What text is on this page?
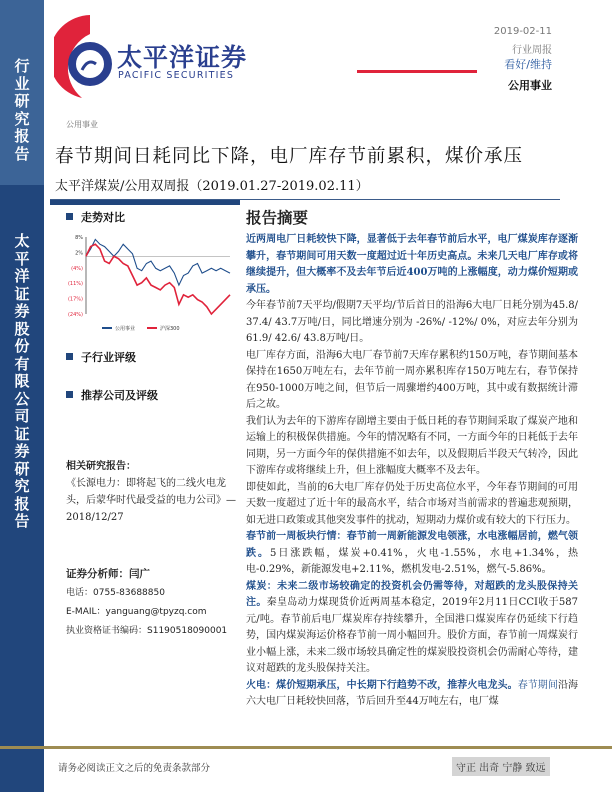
行业研究报告
太平洋证券股份有限公司证券研究报告
太平洋证券
PACIFIC SECURITIES
2019-02-11
行业周报
看好/维持
公用事业
公用事业
春节期间日耗同比下降，电厂库存节前累积，煤价承压
太平洋煤炭/公用双周报（2019.01.27-2019.02.11）
走势对比
8%
2%
(4%)
(11%)
(17%)
(24%)
公用事业	沪深300
子行业评级
推荐公司及评级
相关研究报告：
《长源电力：即将起飞的二线火电龙头，后蒙华时代最受益的电力公司》—2018/12/27
证券分析师：闫广
电话：0755-83688850
E-MAIL：yanguang@tpyzq.com
执业资格证书编码：S1190518090001
报告摘要
近两周电厂日耗较快下降，显著低于去年春节前后水平，电厂煤炭库存逐渐攀升，春节期间可用天数一度超过近十年历史高点。未来几天电厂库存或将继续提升，但大概率不及去年节后近400万吨的上涨幅度，动力煤价短期或承压。
今年春节前7天平均/假期7天平均/节后首日的沿海6大电厂日耗分别为45.8/ 37.4/ 43.7万吨/日，同比增速分别为 -26%/ -12%/ 0%，对应去年分别为61.9/ 42.6/ 43.8万吨/日。
电厂库存方面，沿海6大电厂春节前7天库存累积约150万吨，春节期间基本保持在1650万吨左右，去年节前一周亦累积库存150万吨左右，春节保持在950-1000万吨之间，但节后一周骤增约400万吨，其中或有数据统计滞后之故。
我们认为去年的下游库存剧增主要由于低日耗的春节期间采取了煤炭产地和运输上的积极保供措施。今年的情况略有不同，一方面今年的日耗低于去年同期，另一方面今年的保供措施不如去年，以及假期后半段天气转冷，因此下游库存或将继续上升，但上涨幅度大概率不及去年。
即使如此，当前的6大电厂库存仍处于历史高位水平，今年春节期间的可用天数一度超过了近十年的最高水平，结合市场对当前需求的普遍悲观预期，如无进口政策或其他突发事件的扰动，短期动力煤价或有较大的下行压力。
春节前一周板块行情：春节前一周新能源发电领涨，水电涨幅居前，燃气领跌。5日涨跌幅，煤炭+0.41%，火电-1.55%，水电+1.34%，热电-0.29%，新能源发电+2.11%，燃机发电-2.51%，燃气-5.86%。
煤炭：未来二级市场较确定的投资机会仍需等待，对超跌的龙头股保持关注。秦皇岛动力煤现货价近两周基本稳定，2019年2月11日CCI收于587元/吨。春节前后电厂煤炭库存持续攀升，全国港口煤炭库存仍延续下行趋势，国内煤炭海运价格春节前一周小幅回升。股价方面，春节前一周煤炭行业小幅上涨，未来二级市场较具确定性的煤炭股投资机会仍需耐心等待，建议对超跌的龙头股保持关注。
火电：煤价短期承压，中长期下行趋势不改，推荐火电龙头。春节期间沿海六大电厂日耗较快回落，节后回升至44万吨左右，电厂煤
请务必阅读正文之后的免责条款部分	守正 出奇 宁静 致远
